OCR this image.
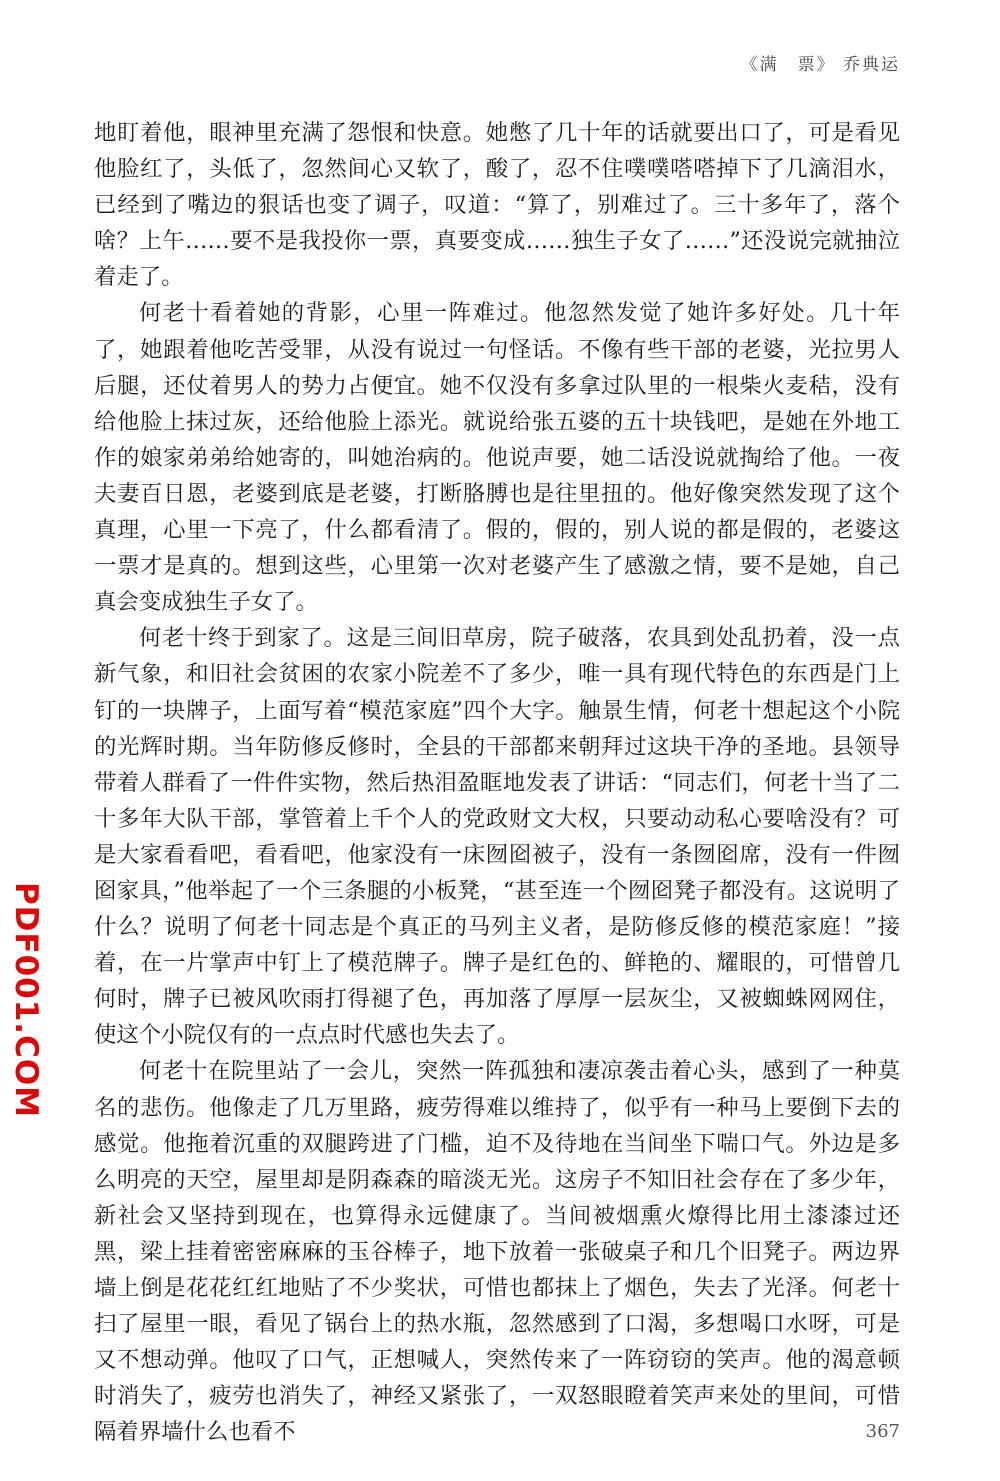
《满　票》 乔典运

地盯着他，眼神里充满了怨恨和快意。她憋了几十年的话就要出口了，可是看见他脸红了，头低了，忽然间心又软了，酸了，忍不住噗噗嗒嗒掉下了几滴泪水，已经到了嘴边的狠话也变了调子，叹道：“算了，别难过了。三十多年了，落个啥？上午……要不是我投你一票，真要变成……独生子女了……”还没说完就抽泣着走了。

何老十看着她的背影，心里一阵难过。他忽然发觉了她许多好处。几十年了，她跟着他吃苦受罪，从没有说过一句怪话。不像有些干部的老婆，光拉男人后腿，还仗着男人的势力占便宜。她不仅没有多拿过队里的一根柴火麦秸，没有给他脸上抹过灰，还给他脸上添光。就说给张五婆的五十块钱吧，是她在外地工作的娘家弟弟给她寄的，叫她治病的。他说声要，她二话没说就掏给了他。一夜夫妻百日恩，老婆到底是老婆，打断胳膊也是往里扭的。他好像突然发现了这个真理，心里一下亮了，什么都看清了。假的，假的，别人说的都是假的，老婆这一票才是真的。想到这些，心里第一次对老婆产生了感激之情，要不是她，自己真会变成独生子女了。

何老十终于到家了。这是三间旧草房，院子破落，农具到处乱扔着，没一点新气象，和旧社会贫困的农家小院差不了多少，唯一具有现代特色的东西是门上钉的一块牌子，上面写着“模范家庭”四个大字。触景生情，何老十想起这个小院的光辉时期。当年防修反修时，全县的干部都来朝拜过这块干净的圣地。县领导带着人群看了一件件实物，然后热泪盈眶地发表了讲话：“同志们，何老十当了二十多年大队干部，掌管着上千个人的党政财文大权，只要动动私心要啥没有？可是大家看看吧，看看吧，他家没有一床囫囵被子，没有一条囫囵席，没有一件囫囵家具，”他举起了一个三条腿的小板凳，“甚至连一个囫囵凳子都没有。这说明了什么？说明了何老十同志是个真正的马列主义者，是防修反修的模范家庭！”接着，在一片掌声中钉上了模范牌子。牌子是红色的、鲜艳的、耀眼的，可惜曾几何时，牌子已被风吹雨打得褪了色，再加落了厚厚一层灰尘，又被蜘蛛网网住，使这个小院仅有的一点点时代感也失去了。

何老十在院里站了一会儿，突然一阵孤独和凄凉袭击着心头，感到了一种莫名的悲伤。他像走了几万里路，疲劳得难以维持了，似乎有一种马上要倒下去的感觉。他拖着沉重的双腿跨进了门槛，迫不及待地在当间坐下喘口气。外边是多么明亮的天空，屋里却是阴森森的暗淡无光。这房子不知旧社会存在了多少年，新社会又坚持到现在，也算得永远健康了。当间被烟熏火燎得比用土漆漆过还黑，梁上挂着密密麻麻的玉谷棒子，地下放着一张破桌子和几个旧凳子。两边界墙上倒是花花红红地贴了不少奖状，可惜也都抹上了烟色，失去了光泽。何老十扫了屋里一眼，看见了锅台上的热水瓶，忽然感到了口渴，多想喝口水呀，可是又不想动弹。他叹了口气，正想喊人，突然传来了一阵窃窃的笑声。他的渴意顿时消失了，疲劳也消失了，神经又紧张了，一双怒眼瞪着笑声来处的里间，可惜隔着界墙什么也看不

PDF001.COM
367
